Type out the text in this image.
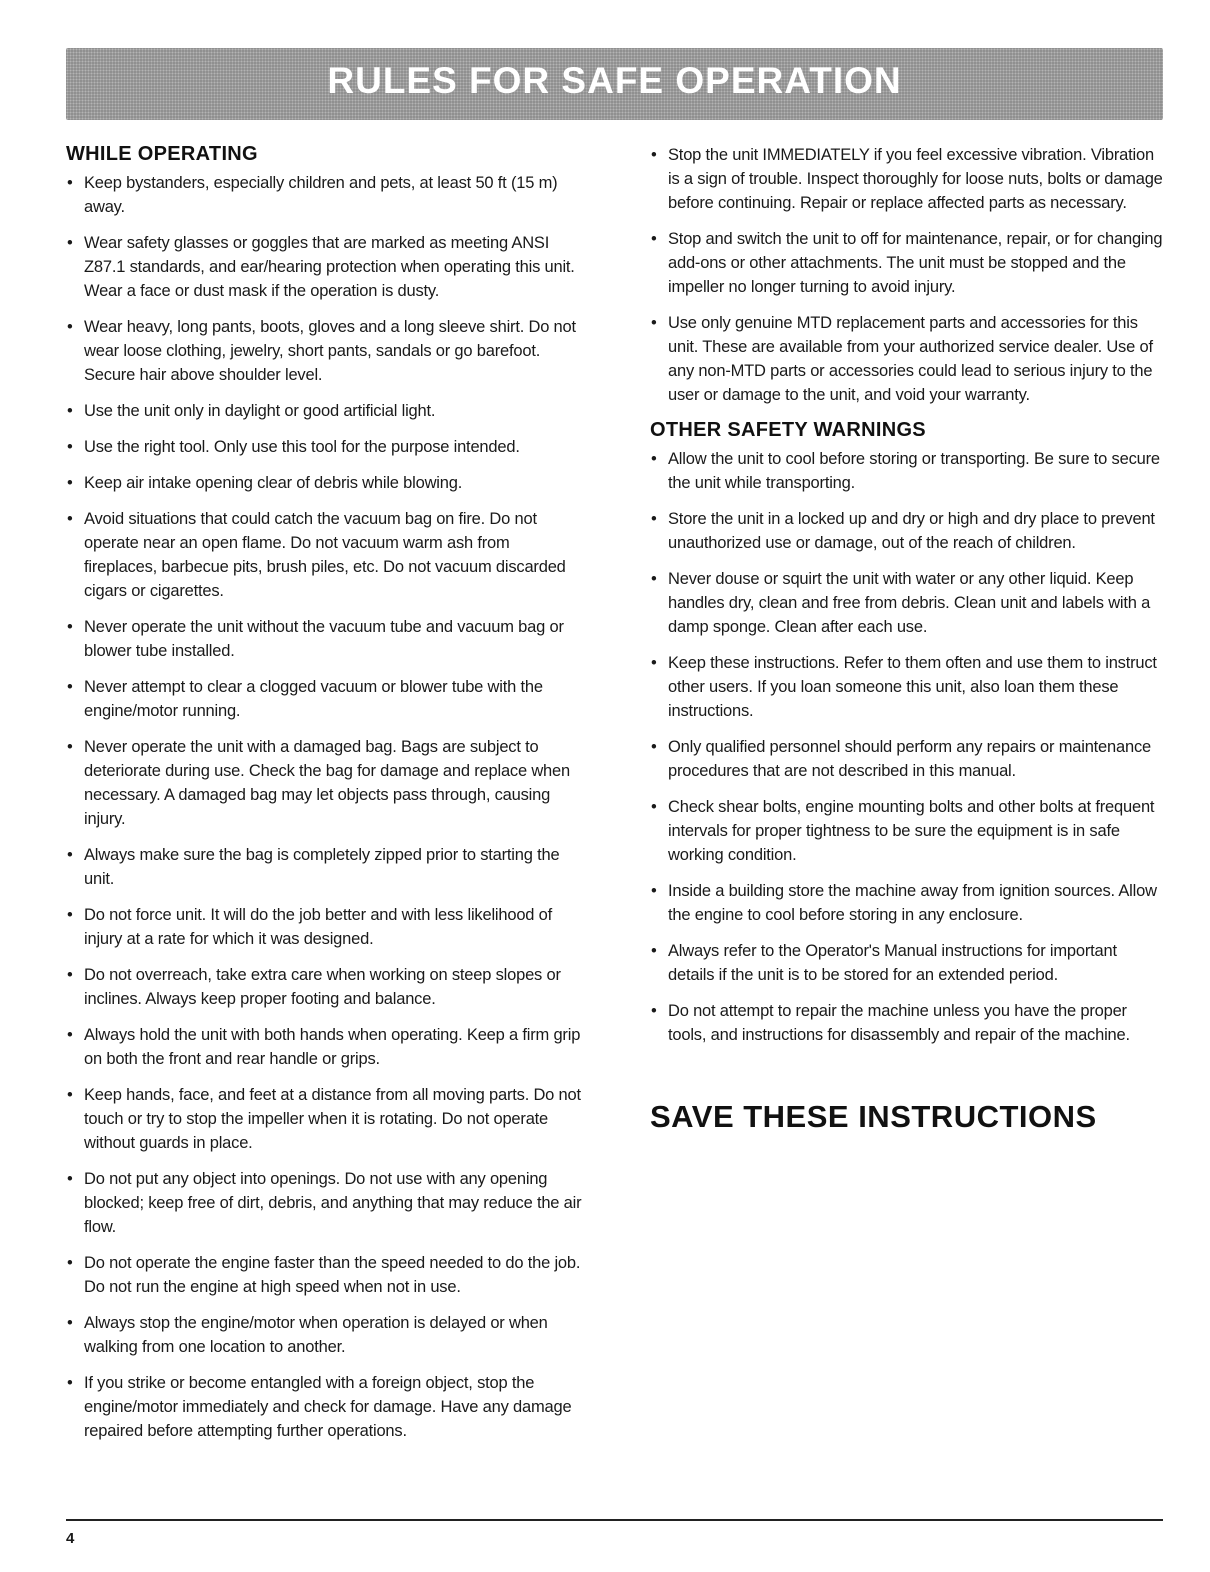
RULES FOR SAFE OPERATION
WHILE OPERATING
• Keep bystanders, especially children and pets, at least 50 ft (15 m) away.
• Wear safety glasses or goggles that are marked as meeting ANSI Z87.1 standards, and ear/hearing protection when operating this unit. Wear a face or dust mask if the operation is dusty.
• Wear heavy, long pants, boots, gloves and a long sleeve shirt. Do not wear loose clothing, jewelry, short pants, sandals or go barefoot. Secure hair above shoulder level.
• Use the unit only in daylight or good artificial light.
• Use the right tool. Only use this tool for the purpose intended.
• Keep air intake opening clear of debris while blowing.
• Avoid situations that could catch the vacuum bag on fire. Do not operate near an open flame. Do not vacuum warm ash from fireplaces, barbecue pits, brush piles, etc. Do not vacuum discarded cigars or cigarettes.
• Never operate the unit without the vacuum tube and vacuum bag or blower tube installed.
• Never attempt to clear a clogged vacuum or blower tube with the engine/motor running.
• Never operate the unit with a damaged bag. Bags are subject to deteriorate during use. Check the bag for damage and replace when necessary. A damaged bag may let objects pass through, causing injury.
• Always make sure the bag is completely zipped prior to starting the unit.
• Do not force unit. It will do the job better and with less likelihood of injury at a rate for which it was designed.
• Do not overreach, take extra care when working on steep slopes or inclines. Always keep proper footing and balance.
• Always hold the unit with both hands when operating. Keep a firm grip on both the front and rear handle or grips.
• Keep hands, face, and feet at a distance from all moving parts. Do not touch or try to stop the impeller when it is rotating. Do not operate without guards in place.
• Do not put any object into openings. Do not use with any opening blocked; keep free of dirt, debris, and anything that may reduce the air flow.
• Do not operate the engine faster than the speed needed to do the job. Do not run the engine at high speed when not in use.
• Always stop the engine/motor when operation is delayed or when walking from one location to another.
• If you strike or become entangled with a foreign object, stop the engine/motor immediately and check for damage. Have any damage repaired before attempting further operations.
• Stop the unit IMMEDIATELY if you feel excessive vibration. Vibration is a sign of trouble. Inspect thoroughly for loose nuts, bolts or damage before continuing. Repair or replace affected parts as necessary.
• Stop and switch the unit to off for maintenance, repair, or for changing add-ons or other attachments. The unit must be stopped and the impeller no longer turning to avoid injury.
• Use only genuine MTD replacement parts and accessories for this unit. These are available from your authorized service dealer. Use of any non-MTD parts or accessories could lead to serious injury to the user or damage to the unit, and void your warranty.
OTHER SAFETY WARNINGS
• Allow the unit to cool before storing or transporting. Be sure to secure the unit while transporting.
• Store the unit in a locked up and dry or high and dry place to prevent unauthorized use or damage, out of the reach of children.
• Never douse or squirt the unit with water or any other liquid. Keep handles dry, clean and free from debris. Clean unit and labels with a damp sponge. Clean after each use.
• Keep these instructions. Refer to them often and use them to instruct other users. If you loan someone this unit, also loan them these instructions.
• Only qualified personnel should perform any repairs or maintenance procedures that are not described in this manual.
• Check shear bolts, engine mounting bolts and other bolts at frequent intervals for proper tightness to be sure the equipment is in safe working condition.
• Inside a building store the machine away from ignition sources. Allow the engine to cool before storing in any enclosure.
• Always refer to the Operator's Manual instructions for important details if the unit is to be stored for an extended period.
• Do not attempt to repair the machine unless you have the proper tools, and instructions for disassembly and repair of the machine.
SAVE THESE INSTRUCTIONS
4
